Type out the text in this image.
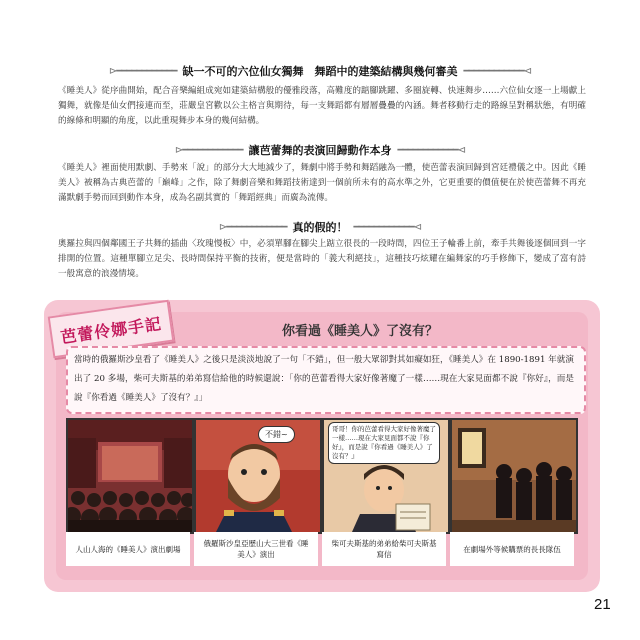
⊳━━━━━━━━━━━━ 缺一不可的六位仙女獨舞　舞蹈中的建築結構與幾何審美 ━━━━━━━━━━━━⊲

《睡美人》從序曲開始，配合音樂編組成宛如建築結構般的優雅段落，高難度的踮腳跳躍、多圈旋轉、快速舞步……六位仙女逐一上場獻上獨舞，就像是仙女們接連而至，莊嚴皇宮歡以公主格言與期待，每一支舞蹈都有層層疊疊的內涵。舞者移動行走的路線呈對稱狀態，有明確的線條和明顯的角度，以此重現舞步本身的幾何結構。

⊳━━━━━━━━━━━━ 讓芭蕾舞的表演回歸動作本身 ━━━━━━━━━━━━⊲

《睡美人》裡面使用默劇、手勢來「說」的部分大大地減少了，舞劇中將手勢和舞蹈融為一體，使芭蕾表演回歸到宮廷禮儀之中。因此《睡美人》被稱為古典芭蕾的「巔峰」之作，除了舞劇音樂和舞蹈技術達到一個前所未有的高水準之外，它更重要的價值便在於使芭蕾舞不再充滿默劇手勢而回到動作本身，成為名副其實的「舞蹈經典」而廣為流傳。

⊳━━━━━━━━━━━━ 真的假的！ ━━━━━━━━━━━━⊲

奧羅拉與四個鄰國王子共舞的插曲〈玫瑰慢板〉中，必須單腳在腳尖上踮立很長的一段時間，四位王子輪番上前，牽手共舞後逐個回到一字排開的位置。這種單腳立足尖、長時間保持平衡的技術，便是當時的「義大利絕技」，這種技巧炫耀在編舞家的巧手修飾下，變成了富有詩一般寓意的浪漫情境。

芭蕾伶娜手記	你看過《睡美人》了沒有？

當時的俄羅斯沙皇看了《睡美人》之後只是淡淡地說了一句「不錯」，但一般大眾卻對其如癡如狂，《睡美人》在 1890-1891 年就演出了 20 多場，柴可夫斯基的弟弟寫信給他的時候還說：「你的芭蕾看得大家好像著魔了一樣……現在大家見面都不說『你好』，而是說『你看過《睡美人》了沒有？』」

人山人海的《睡美人》演出劇場
不錯~
俄羅斯沙皇亞歷山大三世看《睡美人》演出
哥哥！你的芭蕾看得大家好像著魔了一樣……現在大家見面都不說『你好』，而是說『你看過《睡美人》了沒有？』
柴可夫斯基的弟弟給柴可夫斯基寫信
在劇場外等候購票的長長隊伍
21
